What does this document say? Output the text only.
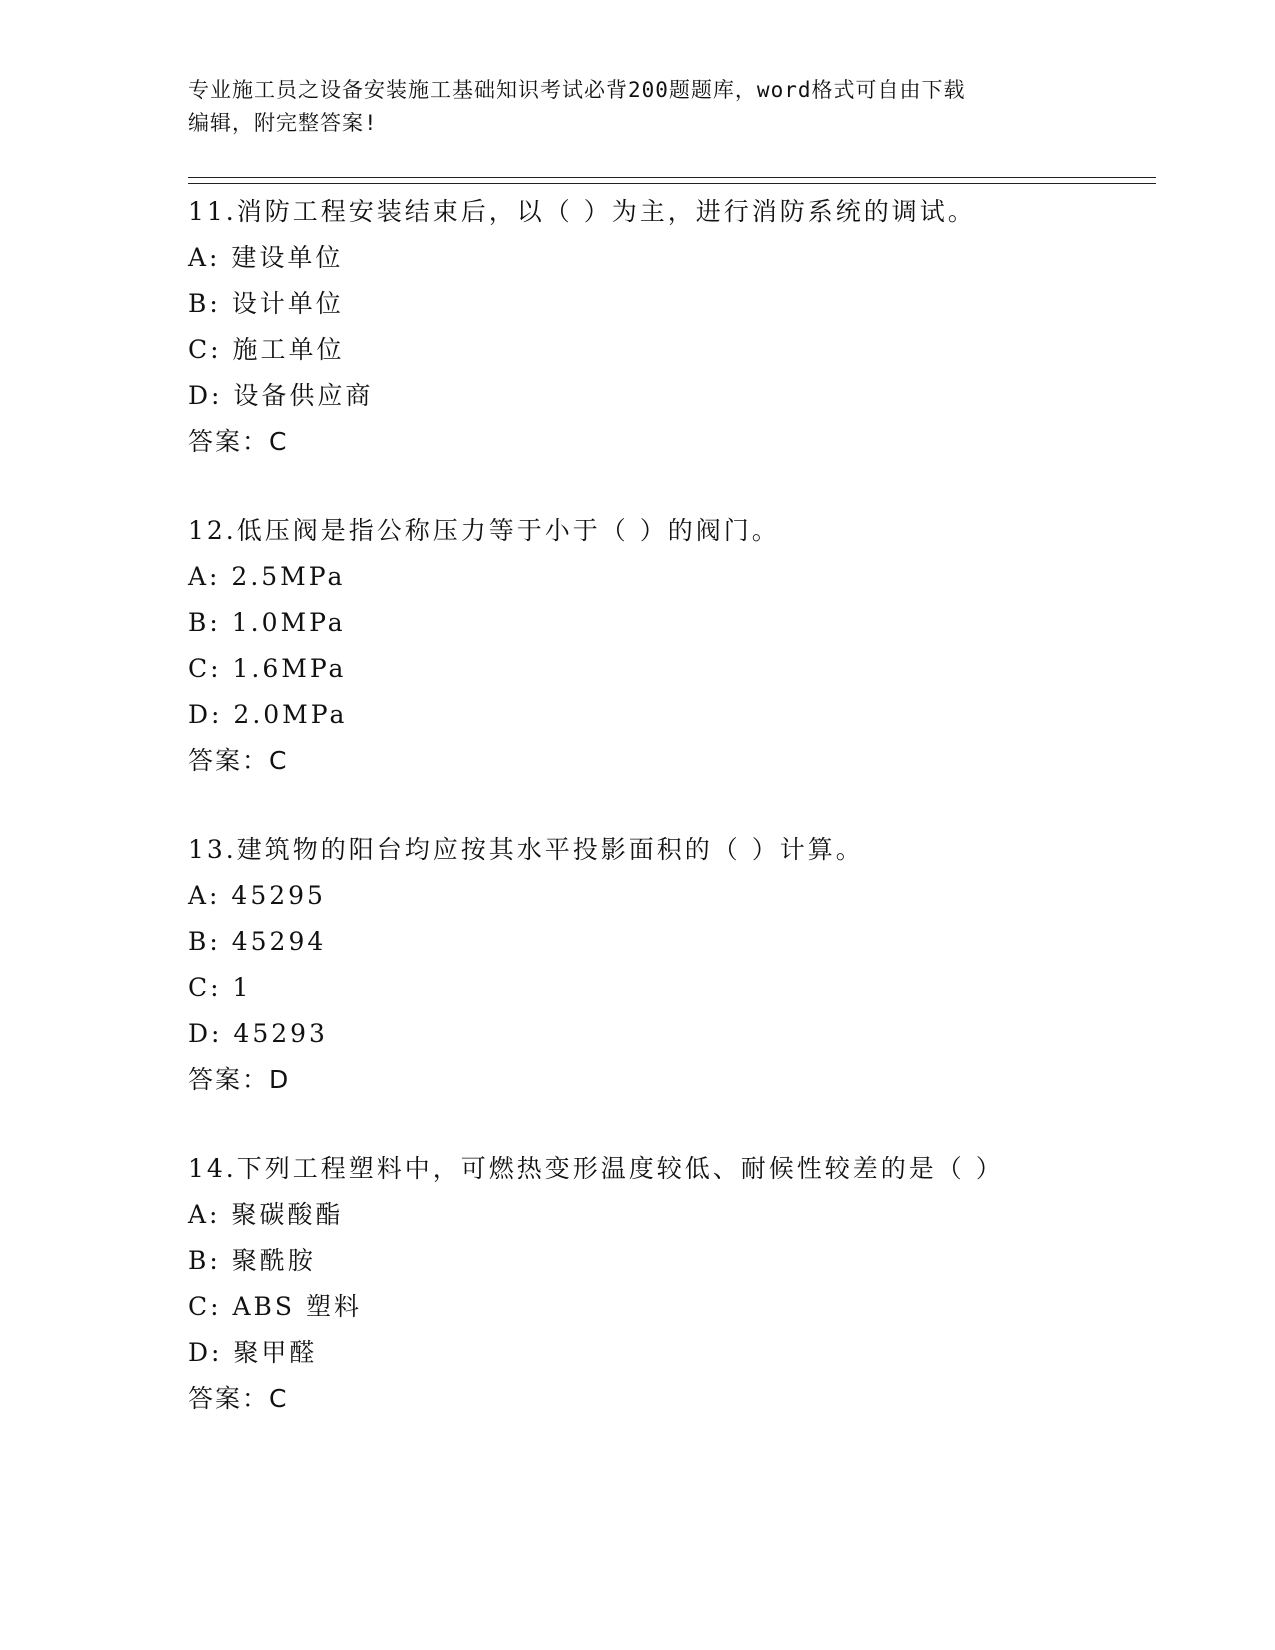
专业施工员之设备安装施工基础知识考试必背200题题库，word格式可自由下载
编辑，附完整答案!
11.消防工程安装结束后，以（ ）为主，进行消防系统的调试。
A: 建设单位
B: 设计单位
C: 施工单位
D: 设备供应商
答案：C
12.低压阀是指公称压力等于小于（ ）的阀门。
A: 2.5MPa
B: 1.0MPa
C: 1.6MPa
D: 2.0MPa
答案：C
13.建筑物的阳台均应按其水平投影面积的（ ）计算。
A: 45295
B: 45294
C: 1
D: 45293
答案：D
14.下列工程塑料中，可燃热变形温度较低、耐候性较差的是（ ）
A: 聚碳酸酯
B: 聚酰胺
C: ABS 塑料
D: 聚甲醛
答案：C
